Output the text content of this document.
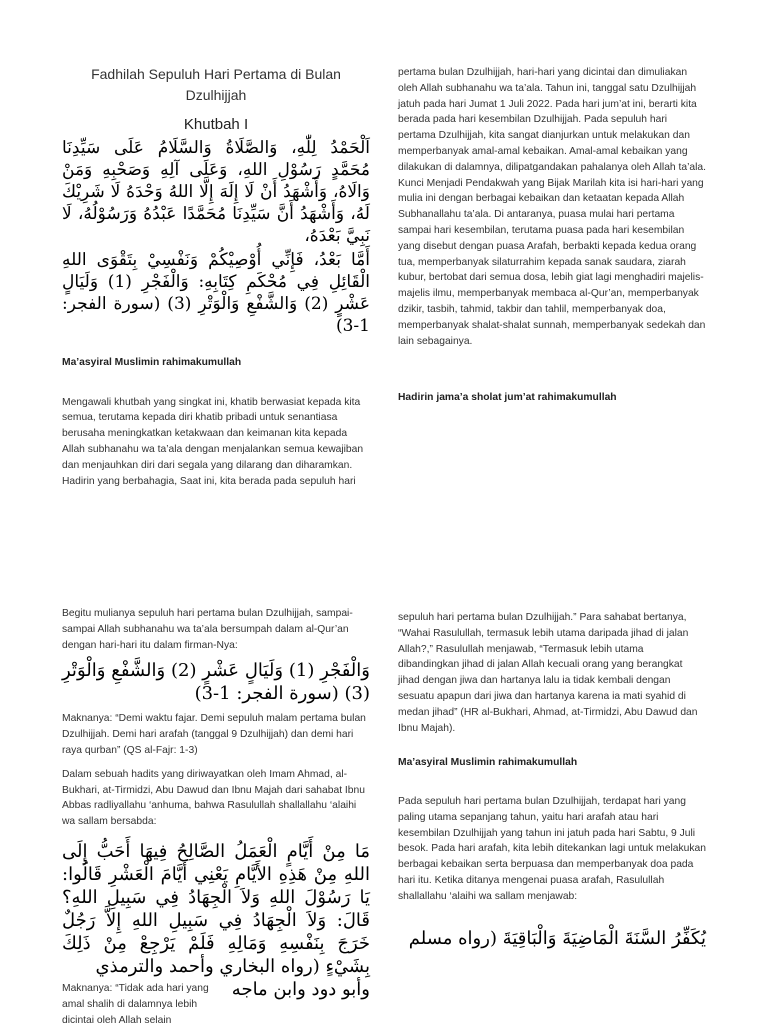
Fadhilah Sepuluh Hari Pertama di Bulan Dzulhijjah

Khutbah I

اَلْحَمْدُ لِلّٰهِ، وَالصَّلَاةُ وَالسَّلَامُ عَلَى سَيِّدِنَا مُحَمَّدٍ رَسُوْلِ اللهِ، وَعَلَى آلِهِ وَصَحْبِهِ وَمَنْ وَالَاهُ، وَأَشْهَدُ أَنْ لَا إِلَهَ إِلَّا اللهُ وَحْدَهُ لَا شَرِيْكَ لَهُ، وَأَشْهَدُ أَنَّ سَيِّدِنَا مُحَمَّدًا عَبْدُهُ وَرَسُوْلُهُ، لَا نَبِيَّ بَعْدَهُ،

أَمَّا بَعْدُ، فَإِنِّي أُوْصِيْكُمْ وَنَفْسِيْ بِتَقْوَى اللهِ الْقَائِلِ فِي مُحْكَمِ كِتَابِهِ: وَالْفَجْرِ (1) وَلَيَالٍ عَشْرٍ (2) وَالشَّفْعِ وَالْوَتْرِ (3) (سورة الفجر: 1-3)

Ma’asyiral Muslimin rahimakumullah

Mengawali khutbah yang singkat ini, khatib berwasiat kepada kita semua, terutama kepada diri khatib pribadi untuk senantiasa berusaha meningkatkan ketakwaan dan keimanan kita kepada Allah subhanahu wa ta’ala dengan menjalankan semua kewajiban dan menjauhkan diri dari segala yang dilarang dan diharamkan. Hadirin yang berbahagia, Saat ini, kita berada pada sepuluh hari

pertama bulan Dzulhijjah, hari-hari yang dicintai dan dimuliakan oleh Allah subhanahu wa ta’ala. Tahun ini, tanggal satu Dzulhijjah jatuh pada hari Jumat 1 Juli 2022. Pada hari jum’at ini, berarti kita berada pada hari kesembilan Dzulhijjah. Pada sepuluh hari pertama Dzulhijjah, kita sangat dianjurkan untuk melakukan dan memperbanyak amal-amal kebaikan. Amal-amal kebaikan yang dilakukan di dalamnya, dilipatgandakan pahalanya oleh Allah ta’ala. Kunci Menjadi Pendakwah yang Bijak Marilah kita isi hari-hari yang mulia ini dengan berbagai kebaikan dan ketaatan kepada Allah Subhanallahu ta’ala. Di antaranya, puasa mulai hari pertama sampai hari kesembilan, terutama puasa pada hari kesembilan yang disebut dengan puasa Arafah, berbakti kepada kedua orang tua, memperbanyak silaturrahim kepada sanak saudara, ziarah kubur, bertobat dari semua dosa, lebih giat lagi menghadiri majelis-majelis ilmu, memperbanyak membaca al-Qur’an, memperbanyak dzikir, tasbih, tahmid, takbir dan tahlil, memperbanyak doa, memperbanyak shalat-shalat sunnah, memperbanyak sedekah dan lain sebagainya.

Hadirin jama’a sholat jum’at rahimakumullah

Begitu mulianya sepuluh hari pertama bulan Dzulhijjah, sampai-sampai Allah subhanahu wa ta’ala bersumpah dalam al-Qur’an dengan hari-hari itu dalam firman-Nya:

وَالْفَجْرِ (1) وَلَيَالٍ عَشْرٍ (2) وَالشَّفْعِ وَالْوَتْرِ (3) (سورة الفجر: 1-3)

Maknanya: “Demi waktu fajar. Demi sepuluh malam pertama bulan Dzulhijjah. Demi hari arafah (tanggal 9 Dzulhijjah) dan demi hari raya qurban” (QS al-Fajr: 1-3)

Dalam sebuah hadits yang diriwayatkan oleh Imam Ahmad, al-Bukhari, at-Tirmidzi, Abu Dawud dan Ibnu Majah dari sahabat Ibnu Abbas radliyallahu ‘anhuma, bahwa Rasulullah shallallahu ‘alaihi wa sallam bersabda:

مَا مِنْ أَيَّامٍ الْعَمَلُ الصَّالِحُ فِيهَا أَحَبُّ إِلَى اللهِ مِنْ هَذِهِ الأَيَّامِ يَعْنِي أَيَّامَ الْعَشْرِ قَالُوا: يَا رَسُوْلَ اللهِ وَلاَ الْجِهَادُ فِي سَبِيلِ اللهِ؟ قَالَ: وَلاَ الْجِهَادُ فِي سَبِيلِ اللهِ إِلاَّ رَجُلٌ خَرَجَ بِنَفْسِهِ وَمَالِهِ فَلَمْ يَرْجِعْ مِنْ ذَلِكَ بِشَيْءٍ (رواه البخاري وأحمد والترمذي

Maknanya: “Tidak ada hari yang amal shalih di dalamnya lebih dicintai oleh Allah selain
وأبو دود وابن ماجه

sepuluh hari pertama bulan Dzulhijjah.” Para sahabat bertanya, “Wahai Rasulullah, termasuk lebih utama daripada jihad di jalan Allah?,” Rasulullah menjawab, “Termasuk lebih utama dibandingkan jihad di jalan Allah kecuali orang yang berangkat jihad dengan jiwa dan hartanya lalu ia tidak kembali dengan sesuatu apapun dari jiwa dan hartanya karena ia mati syahid di medan jihad” (HR al-Bukhari, Ahmad, at-Tirmidzi, Abu Dawud dan Ibnu Majah).

Ma’asyiral Muslimin rahimakumullah

Pada sepuluh hari pertama bulan Dzulhijjah, terdapat hari yang paling utama sepanjang tahun, yaitu hari arafah atau hari kesembilan Dzulhijjah yang tahun ini jatuh pada hari Sabtu, 9 Juli besok. Pada hari arafah, kita lebih ditekankan lagi untuk melakukan berbagai kebaikan serta berpuasa dan memperbanyak doa pada hari itu. Ketika ditanya mengenai puasa arafah, Rasulullah shallallahu ‘alaihi wa sallam menjawab:

يُكَفِّرُ السَّنَةَ الْمَاضِيَةَ وَالْبَاقِيَةَ (رواه مسلم
